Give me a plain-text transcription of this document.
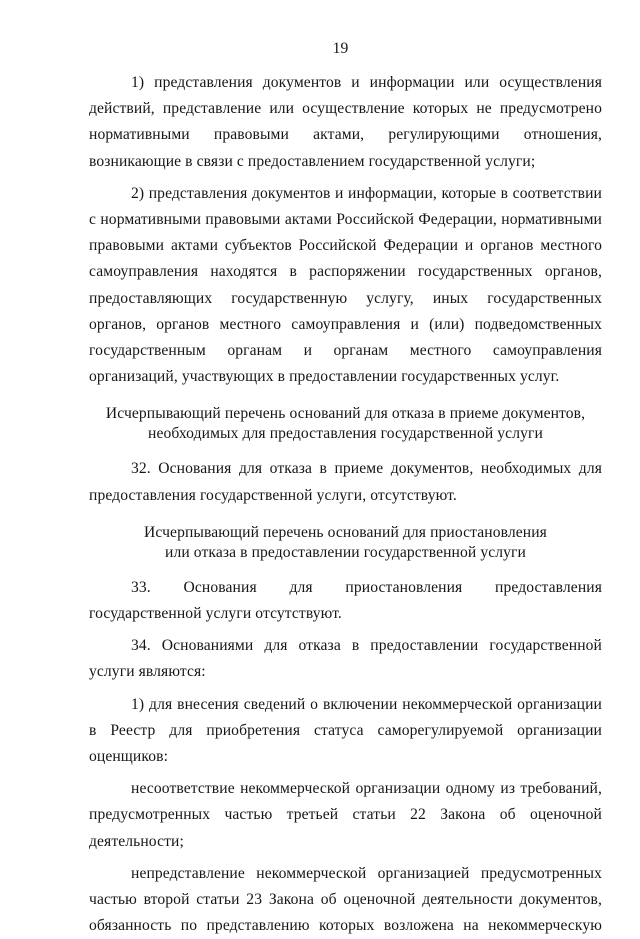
19

1) представления документов и информации или осуществления действий, представление или осуществление которых не предусмотрено нормативными правовыми актами, регулирующими отношения, возникающие в связи с предоставлением государственной услуги;

2) представления документов и информации, которые в соответствии с нормативными правовыми актами Российской Федерации, нормативными правовыми актами субъектов Российской Федерации и органов местного самоуправления находятся в распоряжении государственных органов, предоставляющих государственную услугу, иных государственных органов, органов местного самоуправления и (или) подведомственных государственным органам и органам местного самоуправления организаций, участвующих в предоставлении государственных услуг.

Исчерпывающий перечень оснований для отказа в приеме документов,

необходимых для предоставления государственной услуги

32. Основания для отказа в приеме документов, необходимых для предоставления государственной услуги, отсутствуют.

Исчерпывающий перечень оснований для приостановления

или отказа в предоставлении государственной услуги

33. Основания для приостановления предоставления государственной услуги отсутствуют.

34. Основаниями для отказа в предоставлении государственной услуги являются:

1) для внесения сведений о включении некоммерческой организации в Реестр для приобретения статуса саморегулируемой организации оценщиков:

несоответствие некоммерческой организации одному из требований, предусмотренных частью третьей статьи 22 Закона об оценочной деятельности;

непредставление некоммерческой организацией предусмотренных частью второй статьи 23 Закона об оценочной деятельности документов, обязанность по представлению которых возложена на некоммерческую
